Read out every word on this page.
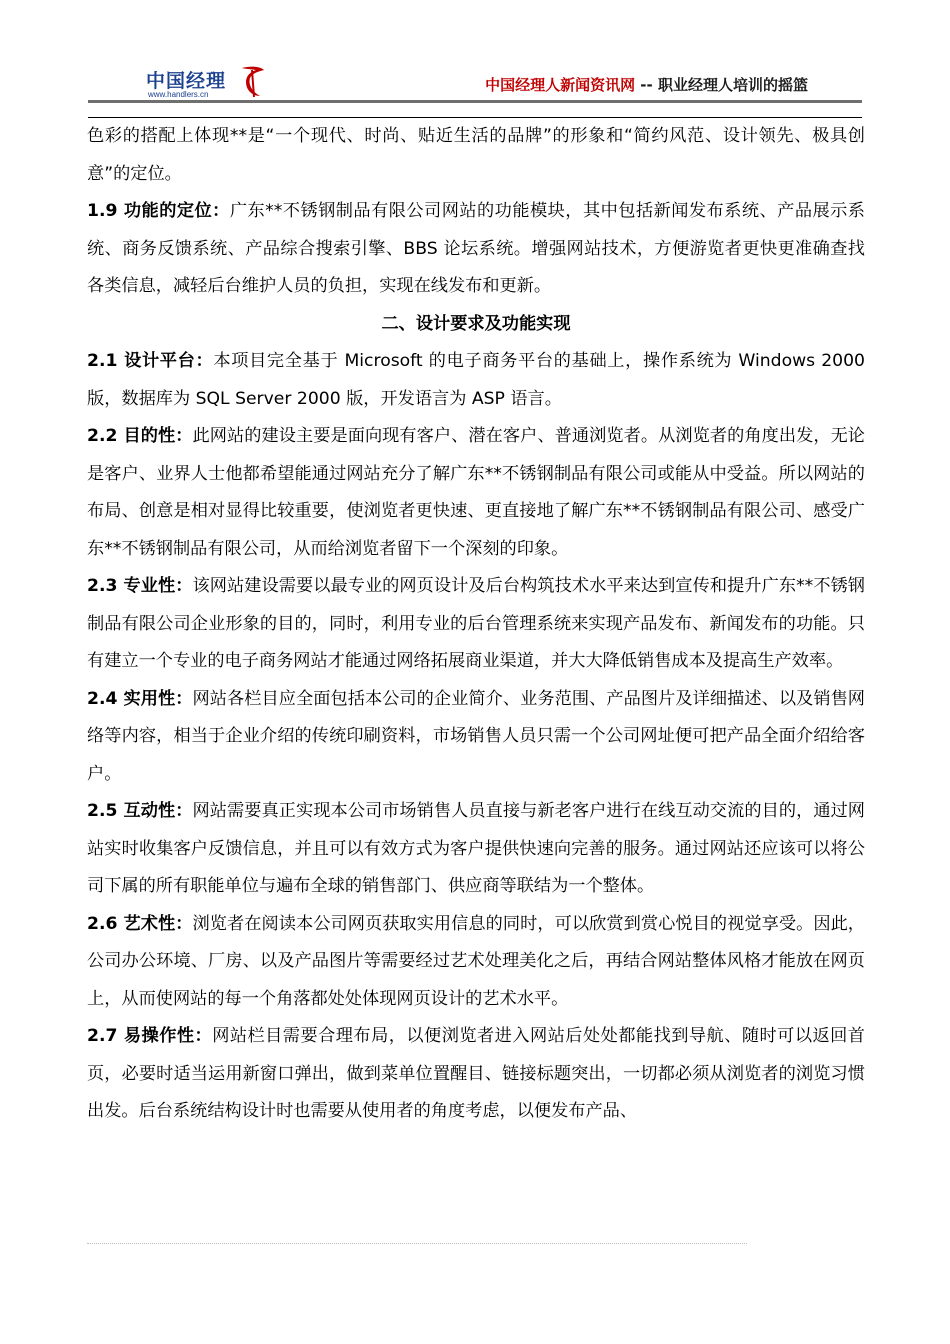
中国经理
www.handlers.cn
中国经理人新闻资讯网 -- 职业经理人培训的摇篮

色彩的搭配上体现**是“一个现代、时尚、贴近生活的品牌”的形象和“简约风范、设计领先、极具创意”的定位。

1.9 功能的定位：广东**不锈钢制品有限公司网站的功能模块，其中包括新闻发布系统、产品展示系统、商务反馈系统、产品综合搜索引擎、BBS 论坛系统。增强网站技术，方便游览者更快更准确查找各类信息，减轻后台维护人员的负担，实现在线发布和更新。

二、设计要求及功能实现

2.1 设计平台：本项目完全基于 Microsoft 的电子商务平台的基础上，操作系统为 Windows 2000 版，数据库为 SQL Server 2000 版，开发语言为 ASP 语言。

2.2 目的性：此网站的建设主要是面向现有客户、潜在客户、普通浏览者。从浏览者的角度出发，无论是客户、业界人士他都希望能通过网站充分了解广东**不锈钢制品有限公司或能从中受益。所以网站的布局、创意是相对显得比较重要，使浏览者更快速、更直接地了解广东**不锈钢制品有限公司、感受广东**不锈钢制品有限公司，从而给浏览者留下一个深刻的印象。

2.3 专业性：该网站建设需要以最专业的网页设计及后台构筑技术水平来达到宣传和提升广东**不锈钢制品有限公司企业形象的目的，同时，利用专业的后台管理系统来实现产品发布、新闻发布的功能。只有建立一个专业的电子商务网站才能通过网络拓展商业渠道，并大大降低销售成本及提高生产效率。

2.4 实用性：网站各栏目应全面包括本公司的企业简介、业务范围、产品图片及详细描述、以及销售网络等内容，相当于企业介绍的传统印刷资料，市场销售人员只需一个公司网址便可把产品全面介绍给客户。

2.5 互动性：网站需要真正实现本公司市场销售人员直接与新老客户进行在线互动交流的目的，通过网站实时收集客户反馈信息，并且可以有效方式为客户提供快速向完善的服务。通过网站还应该可以将公司下属的所有职能单位与遍布全球的销售部门、供应商等联结为一个整体。

2.6 艺术性：浏览者在阅读本公司网页获取实用信息的同时，可以欣赏到赏心悦目的视觉享受。因此，公司办公环境、厂房、以及产品图片等需要经过艺术处理美化之后，再结合网站整体风格才能放在网页上，从而使网站的每一个角落都处处体现网页设计的艺术水平。

2.7 易操作性：网站栏目需要合理布局，以便浏览者进入网站后处处都能找到导航、随时可以返回首页，必要时适当运用新窗口弹出，做到菜单位置醒目、链接标题突出，一切都必须从浏览者的浏览习惯出发。后台系统结构设计时也需要从使用者的角度考虑，以便发布产品、
